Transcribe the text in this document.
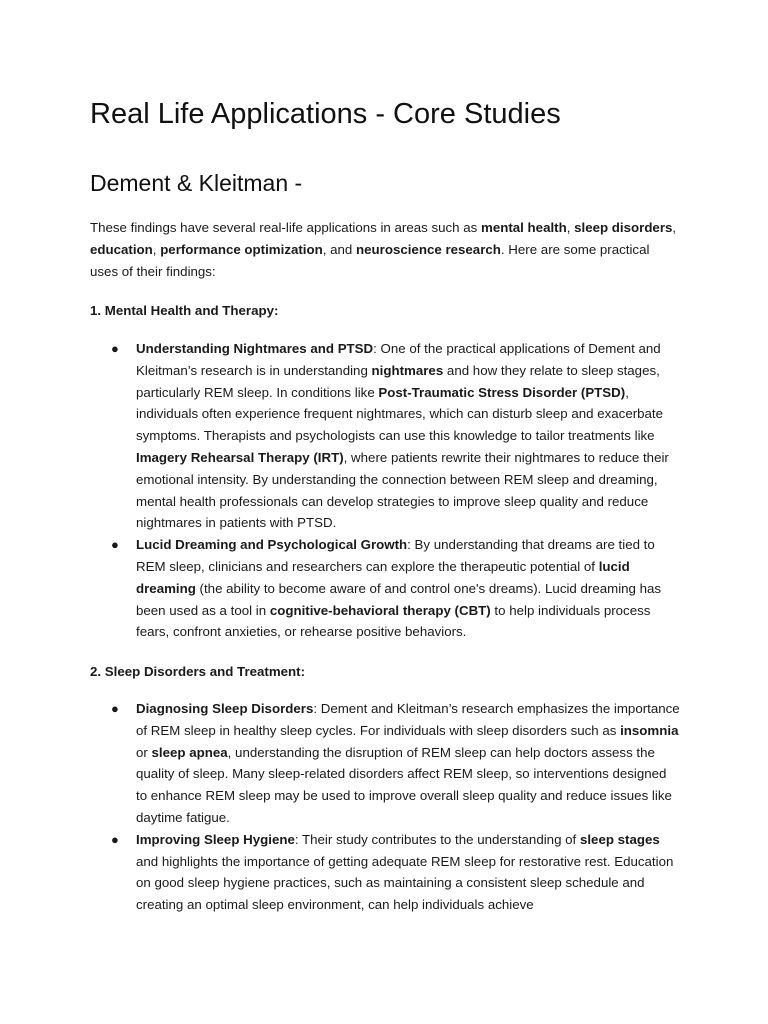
Real Life Applications - Core Studies
Dement & Kleitman -

These findings have several real-life applications in areas such as mental health, sleep disorders, education, performance optimization, and neuroscience research. Here are some practical uses of their findings:

1. Mental Health and Therapy:

● Understanding Nightmares and PTSD: One of the practical applications of Dement and Kleitman’s research is in understanding nightmares and how they relate to sleep stages, particularly REM sleep. In conditions like Post-Traumatic Stress Disorder (PTSD), individuals often experience frequent nightmares, which can disturb sleep and exacerbate symptoms. Therapists and psychologists can use this knowledge to tailor treatments like Imagery Rehearsal Therapy (IRT), where patients rewrite their nightmares to reduce their emotional intensity. By understanding the connection between REM sleep and dreaming, mental health professionals can develop strategies to improve sleep quality and reduce nightmares in patients with PTSD.
● Lucid Dreaming and Psychological Growth: By understanding that dreams are tied to REM sleep, clinicians and researchers can explore the therapeutic potential of lucid dreaming (the ability to become aware of and control one's dreams). Lucid dreaming has been used as a tool in cognitive-behavioral therapy (CBT) to help individuals process fears, confront anxieties, or rehearse positive behaviors.

2. Sleep Disorders and Treatment:

● Diagnosing Sleep Disorders: Dement and Kleitman’s research emphasizes the importance of REM sleep in healthy sleep cycles. For individuals with sleep disorders such as insomnia or sleep apnea, understanding the disruption of REM sleep can help doctors assess the quality of sleep. Many sleep-related disorders affect REM sleep, so interventions designed to enhance REM sleep may be used to improve overall sleep quality and reduce issues like daytime fatigue.
● Improving Sleep Hygiene: Their study contributes to the understanding of sleep stages and highlights the importance of getting adequate REM sleep for restorative rest. Education on good sleep hygiene practices, such as maintaining a consistent sleep schedule and creating an optimal sleep environment, can help individuals achieve
